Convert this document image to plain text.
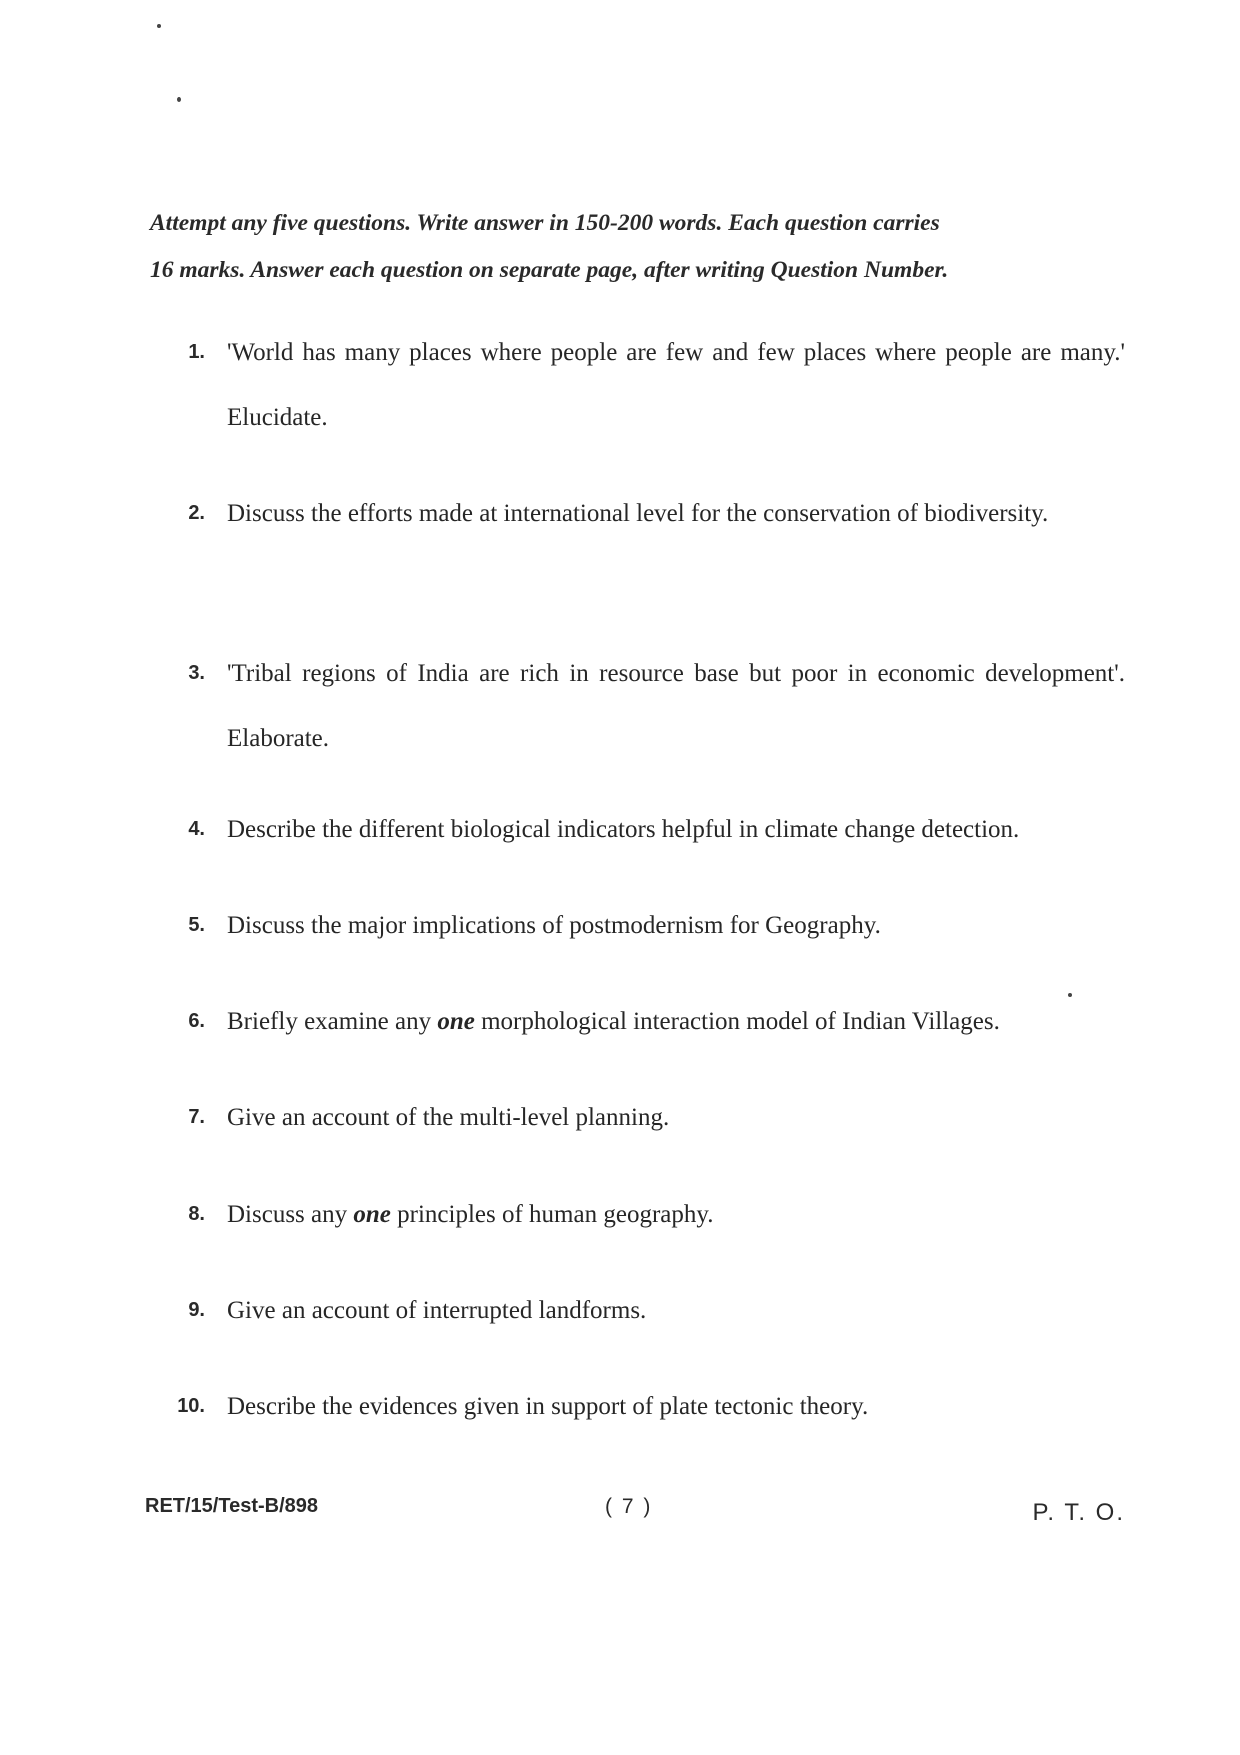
Attempt any five questions. Write answer in 150-200 words. Each question carries
16 marks. Answer each question on separate page, after writing Question Number.
1. 'World has many places where people are few and few places where people are many.' Elucidate.
2. Discuss the efforts made at international level for the conservation of biodiversity.
3. 'Tribal regions of India are rich in resource base but poor in economic development'. Elaborate.
4. Describe the different biological indicators helpful in climate change detection.
5. Discuss the major implications of postmodernism for Geography.
6. Briefly examine any one morphological interaction model of Indian Villages.
7. Give an account of the multi-level planning.
8. Discuss any one principles of human geography.
9. Give an account of interrupted landforms.
10. Describe the evidences given in support of plate tectonic theory.
RET/15/Test-B/898	( 7 )	P. T. O.
